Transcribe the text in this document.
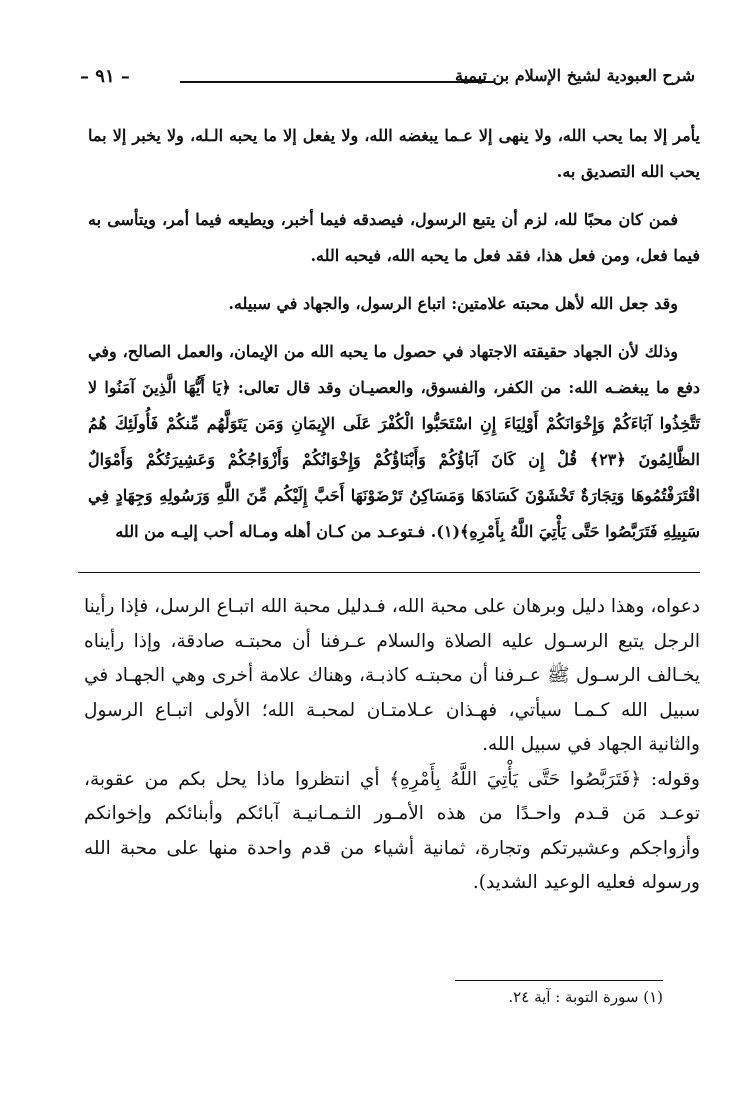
شرح العبودية لشيخ الإسلام بن تيمية
– ٩١ –

يأمر إلا بما يحب الله، ولا ينهى إلا عـما يبغضه الله، ولا يفعل إلا ما يحبه الـله، ولا يخبر إلا بما يحب الله التصديق به.

فمن كان محبًا لله، لزم أن يتبع الرسول، فيصدقه فيما أخبر، ويطيعه فيما أمر، ويتأسى به فيما فعل، ومن فعل هذا، فقد فعل ما يحبه الله، فيحبه الله.

وقد جعل الله لأهل محبته علامتين: اتباع الرسول، والجهاد في سبيله.

وذلك لأن الجهاد حقيقته الاجتهاد في حصول ما يحبه الله من الإيمان، والعمل الصالح، وفي دفع ما يبغضـه الله: من الكفر، والفسوق، والعصيـان وقد قال تعالى: ﴿يَا أَيُّهَا الَّذِينَ آمَنُوا لا تَتَّخِذُوا آبَاءَكُمْ وَإِخْوَانَكُمْ أَوْلِيَاءَ إِنِ اسْتَحَبُّوا الْكُفْرَ عَلَى الإِيمَانِ وَمَن يَتَوَلَّهُم مِّنكُمْ فَأُولَئِكَ هُمُ الظَّالِمُونَ ﴿٢٣﴾ قُلْ إِن كَانَ آبَاؤُكُمْ وَأَبْنَاؤُكُمْ وَإِخْوَانُكُمْ وَأَزْوَاجُكُمْ وَعَشِيرَتُكُمْ وَأَمْوَالٌ اقْتَرَفْتُمُوهَا وَتِجَارَةٌ تَخْشَوْنَ كَسَادَهَا وَمَسَاكِنُ تَرْضَوْنَهَا أَحَبَّ إِلَيْكُم مِّنَ اللَّهِ وَرَسُولِهِ وَجِهَادٍ فِي سَبِيلِهِ فَتَرَبَّصُوا حَتَّى يَأْتِيَ اللَّهُ بِأَمْرِهِ﴾(١). فـتوعـد من كـان أهله ومـاله أحب إليـه من الله

دعواه، وهذا دليل وبرهان على محبة الله، فـدليل محبة الله اتبـاع الرسل، فإذا رأينا الرجل يتبع الرسـول عليه الصلاة والسلام عـرفنا أن محبتـه صادقة، وإذا رأيناه يخـالف الرسـول ﷺ عـرفنا أن محبتـه كاذبـة، وهناك علامة أخرى وهي الجهـاد في سبيل الله كـمـا سيأتي، فهـذان عـلامتـان لمحبـة الله؛ الأولى اتبـاع الرسول والثانية الجهاد في سبيل الله.

وقوله: ﴿فَتَرَبَّصُوا حَتَّى يَأْتِيَ اللَّهُ بِأَمْرِهِ﴾ أي انتظروا ماذا يحل بكم من عقوبة، توعـد مَن قـدم واحـدًا من هذه الأمـور الثـمـانيـة آبائكم وأبنائكم وإخوانكم وأزواجكم وعشيرتكم وتجارة، ثمانية أشياء من قدم واحدة منها على محبة الله ورسوله فعليه الوعيد الشديد).

(١) سورة التوبة : آية ٢٤.
